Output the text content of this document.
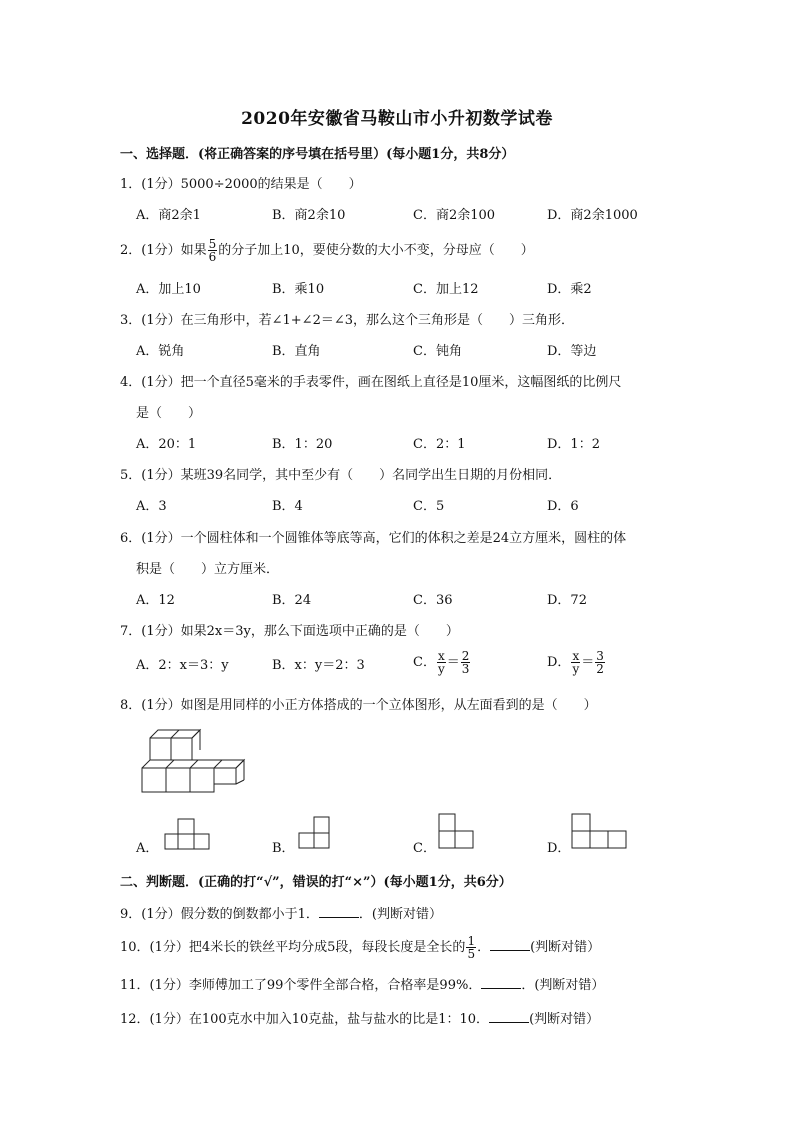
2020年安徽省马鞍山市小升初数学试卷
一、选择题．(将正确答案的序号填在括号里）(每小题1分，共8分）
1．(1分）5000÷2000的结果是（　　）
A．商2余1	B．商2余10	C．商2余100	D．商2余1000
2．(1分）如果 $\frac{5}{6}$ 的分子加上10，要使分数的大小不变，分母应（　　）
A．加上10	B．乘10	C．加上12	D．乘2
3．(1分）在三角形中，若∠1+∠2＝∠3，那么这个三角形是（　　）三角形．
A．锐角	B．直角	C．钝角	D．等边
4．(1分）把一个直径5毫米的手表零件，画在图纸上直径是10厘米，这幅图纸的比例尺
是（　　）
A．20：1	B．1：20	C．2：1	D．1：2
5．(1分）某班39名同学，其中至少有（　　）名同学出生日期的月份相同．
A．3	B．4	C．5	D．6
6．(1分）一个圆柱体和一个圆锥体等底等高，它们的体积之差是24立方厘米，圆柱的体
积是（　　）立方厘米．
A．12	B．24	C．36	D．72
7．(1分）如果2x＝3y，那么下面选项中正确的是（　　）
A．2：x＝3：y	B．x：y＝2：3	C． $\frac{x}{y} = \frac{2}{3}$	D． $\frac{x}{y} = \frac{3}{2}$
8．(1分）如图是用同样的小正方体搭成的一个立体图形，从左面看到的是（　　）
A．	B．	C．	D．
二、判断题．(正确的打“√”，错误的打“×”）(每小题1分，共6分）
9．(1分）假分数的倒数都小于1．	．(判断对错）
10．(1分）把4米长的铁丝平均分成5段，每段长度是全长的 $\frac{1}{5}$ ．	(判断对错）
11．(1分）李师傅加工了99个零件全部合格，合格率是99%．	．(判断对错）
12．(1分）在100克水中加入10克盐，盐与盐水的比是1：10．	(判断对错）
